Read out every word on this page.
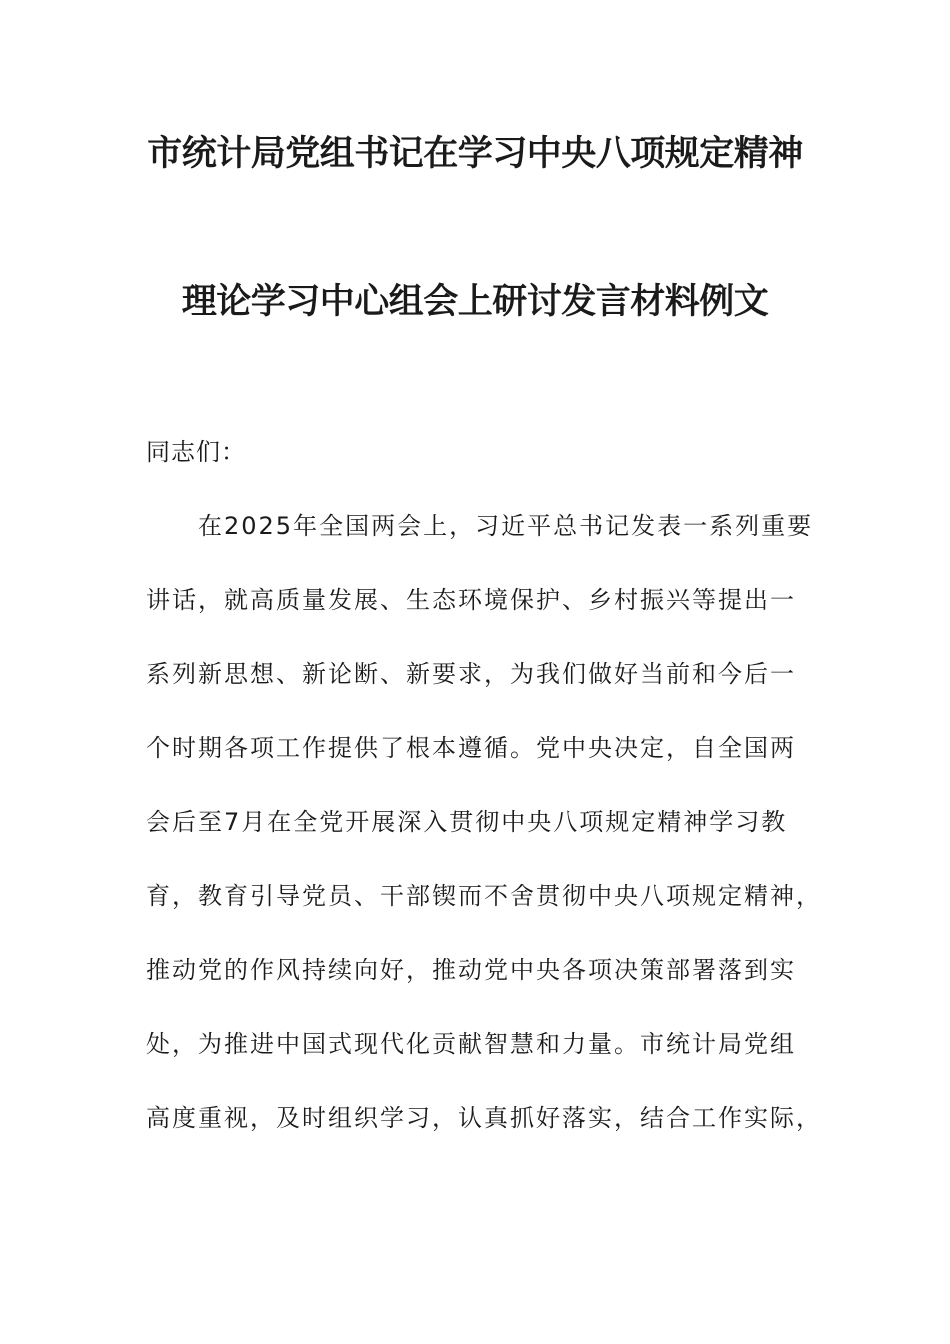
市统计局党组书记在学习中央八项规定精神
理论学习中心组会上研讨发言材料例文
同志们：
在2025年全国两会上，习近平总书记发表一系列重要
讲话，就高质量发展、生态环境保护、乡村振兴等提出一
系列新思想、新论断、新要求，为我们做好当前和今后一
个时期各项工作提供了根本遵循。党中央决定，自全国两
会后至7月在全党开展深入贯彻中央八项规定精神学习教
育，教育引导党员、干部锲而不舍贯彻中央八项规定精神，
推动党的作风持续向好，推动党中央各项决策部署落到实
处，为推进中国式现代化贡献智慧和力量。市统计局党组
高度重视，及时组织学习，认真抓好落实，结合工作实际，
